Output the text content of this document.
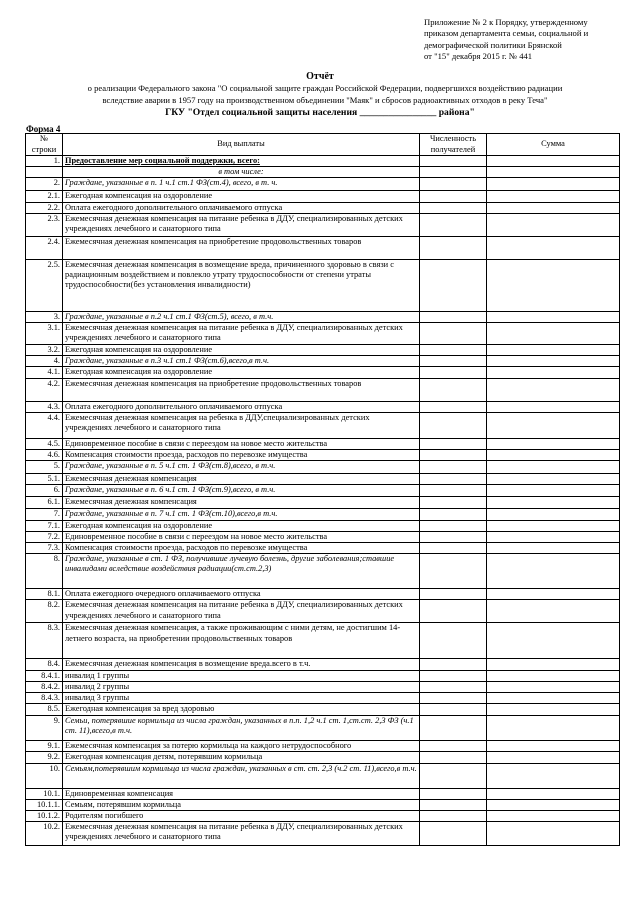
Приложение № 2 к Порядку, утвержденному
приказом департамента семьи, социальной и
демографической политики Брянской
от "15" декабря 2015 г. № 441
Отчёт
о реализации Федерального закона "О социальной защите граждан Российской Федерации, подвергшихся воздействию радиации
вследствие аварии в 1957 году на производственном объединении "Маяк" и сбросов радиоактивных отходов в реку Теча"
ГКУ "Отдел социальной защиты населения ________________ района"
Форма 4
№ строки	Вид выплаты	Численность получателей	Сумма
1.	Предоставление мер социальной поддержки, всего:		
	в том числе:		
2.	Граждане, указанные в п. 1 ч.1 ст.1 ФЗ(ст.4), всего, в т. ч.		
2.1.	Ежегодная компенсация на оздоровление		
2.2.	Оплата ежегодного дополнительного оплачиваемого отпуска		
2.3.	Ежемесячная денежная компенсация на питание ребенка в ДДУ, специализированных детских учреждениях лечебного и санаторного типа		
2.4.	Ежемесячная денежная компенсация на приобретение продовольственных товаров		
2.5.	Ежемесячная денежная компенсация в возмещение вреда, причиненного здоровью в связи с радиационным воздействием и повлекло утрату трудоспособности от степени утраты трудоспособности(без установления инвалидности)		
3.	Граждане, указанные в п.2 ч.1 ст.1 ФЗ(ст.5), всего, в т.ч.		
3.1.	Ежемесячная денежная компенсация на питание ребенка в ДДУ, специализированных детских учреждениях лечебного и санаторного типа		
3.2.	Ежегодная компенсация на оздоровление		
4.	Граждане, указанные в п.3 ч.1 ст.1 ФЗ(ст.6),всего,в т.ч.		
4.1.	Ежегодная компенсация на оздоровление		
4.2.	Ежемесячная денежная компенсация на приобретение продовольственных товаров		
4.3.	Оплата ежегодного дополнительного оплачиваемого отпуска		
4.4.	Ежемесячная денежная компенсация на ребенка в ДДУ,специализированных детских учреждениях лечебного и санаторного типа		
4.5.	Единовременное пособие в связи с переездом на новое место жительства		
4.6.	Компенсация стоимости проезда, расходов по перевозке имущества		
5.	Граждане, указанные в п. 5 ч.1 ст. 1 ФЗ(ст.8),всего, в т.ч.		
5.1.	Ежемесячная денежная компенсация		
6.	Граждане, указанные в п. 6 ч.1 ст. 1 ФЗ(ст.9),всего, в т.ч.		
6.1.	Ежемесячная денежная компенсация		
7.	Граждане, указанные в п. 7 ч.1 ст. 1 ФЗ(ст.10),всего,в т.ч.		
7.1.	Ежегодная компенсация на оздоровление		
7.2.	Единовременное пособие в связи с переездом на новое место жительства		
7.3.	Компенсация стоимости проезда, расходов по перевозке имущества		
8.	Граждане, указанные в ст. 1 ФЗ, получившие лучевую болезнь, другие заболевания;ставшие инвалидами вследствие воздействия радиации(ст.ст.2,3)		
8.1.	Оплата ежегодного очередного оплачиваемого отпуска		
8.2.	Ежемесячная денежная компенсация на питание ребенка в ДДУ, специализированных детских учреждениях лечебного и санаторного типа		
8.3.	Ежемесячная денежная компенсация, а также проживающим с ними детям, не достигшим 14-летнего возраста, на приобретении продовольственных товаров		
8.4.	Ежемесячная денежная компенсация в возмещение вреда.всего в т.ч.		
8.4.1.	инвалид 1 группы		
8.4.2.	инвалид 2 группы		
8.4.3.	инвалид 3 группы		
8.5.	Ежегодная компенсация за вред здоровью		
9.	Семьи, потерявшие кормильца из числа граждан, указанных в п.п. 1,2 ч.1 ст. 1,ст.ст. 2,3 ФЗ (ч.1 ст. 11),всего,в т.ч.		
9.1.	Ежемесячная компенсация за потерю кормильца на каждого нетрудоспособного		
9.2.	Ежегодная компенсация детям, потерявшим кормильца		
10.	Семьям,потерявшим кормильца из числа граждан, указанных в ст. ст. 2,3 (ч.2 ст. 11),всего,в т.ч.		
10.1.	Единовременная компенсация		
10.1.1.	Семьям, потерявшим кормильца		
10.1.2.	Родителям погибшего		
10.2.	Ежемесячная денежная компенсация на питание ребенка в ДДУ, специализированных детских учреждениях лечебного и санаторного типа		
